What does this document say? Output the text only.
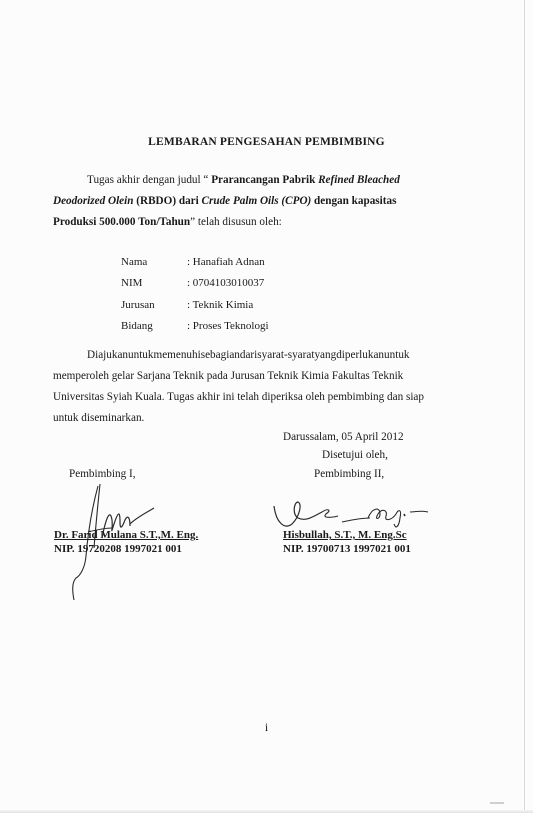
LEMBARAN PENGESAHAN PEMBIMBING
Tugas akhir dengan judul “ Prarancangan Pabrik Refined Bleached
Deodorized Olein (RBDO) dari Crude Palm Oils (CPO) dengan kapasitas
Produksi 500.000 Ton/Tahun” telah disusun oleh:
Nama	: Hanafiah Adnan
NIM	: 0704103010037
Jurusan	: Teknik Kimia
Bidang	: Proses Teknologi
Diajukanuntukmemenuhisebagiandarisyarat-syaratyangdiperlukanuntuk
memperoleh gelar Sarjana Teknik pada Jurusan Teknik Kimia Fakultas Teknik
Universitas Syiah Kuala. Tugas akhir ini telah diperiksa oleh pembimbing dan siap
untuk diseminarkan.
Darussalam, 05 April 2012
Disetujui oleh,
Pembimbing I,	Pembimbing II,
Dr. Farid Mulana S.T.,M. Eng.
NIP. 19720208 1997021 001
Hisbullah, S.T., M. Eng.Sc
NIP. 19700713 1997021 001
i
